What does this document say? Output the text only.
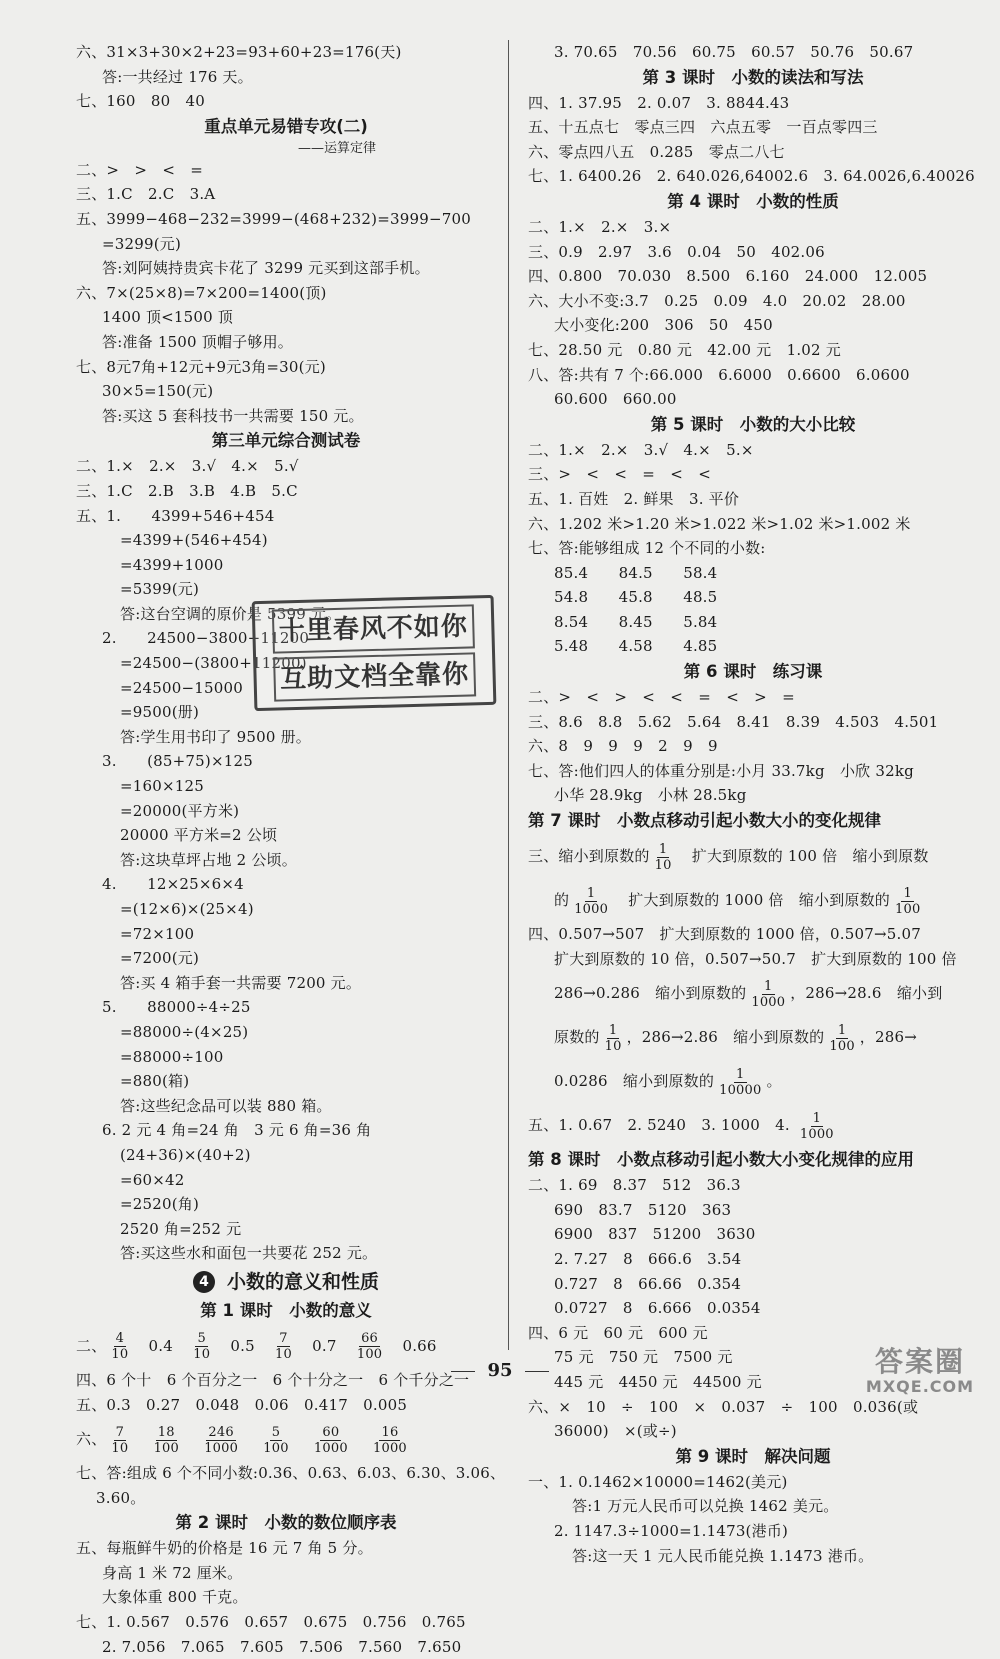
六、31×3+30×2+23=93+60+23=176(天)
答:一共经过 176 天。
七、160　80　40
重点单元易错专攻(二)
——运算定律
二、>　>　<　=
三、1.C　2.C　3.A
五、3999−468−232=3999−(468+232)=3999−700
=3299(元)
答:刘阿姨持贵宾卡花了 3299 元买到这部手机。
六、7×(25×8)=7×200=1400(顶)
1400 顶<1500 顶
答:准备 1500 顶帽子够用。
七、8元7角+12元+9元3角=30(元)
30×5=150(元)
答:买这 5 套科技书一共需要 150 元。
第三单元综合测试卷
二、1.×　2.×　3.√　4.×　5.√
三、1.C　2.B　3.B　4.B　5.C
五、1.　　4399+546+454
=4399+(546+454)
=4399+1000
=5399(元)
答:这台空调的原价是 5399 元。
2.　　24500−3800−11200
=24500−(3800+11200)
=24500−15000
=9500(册)
答:学生用书印了 9500 册。
3.　　(85+75)×125
=160×125
=20000(平方米)
20000 平方米=2 公顷
答:这块草坪占地 2 公顷。
4.　　12×25×6×4
=(12×6)×(25×4)
=72×100
=7200(元)
答:买 4 箱手套一共需要 7200 元。
5.　　88000÷4÷25
=88000÷(4×25)
=88000÷100
=880(箱)
答:这些纪念品可以装 880 箱。
6. 2 元 4 角=24 角　3 元 6 角=36 角
(24+36)×(40+2)
=60×42
=2520(角)
2520 角=252 元
答:买这些水和面包一共要花 252 元。
4 小数的意义和性质
第 1 课时　小数的意义
二、 $\frac{4}{10}$ 　0.4　 $\frac{5}{10}$ 　0.5　 $\frac{7}{10}$ 　0.7　 $\frac{66}{100}$ 　0.66
四、6 个十　6 个百分之一　6 个十分之一　6 个千分之一
五、0.3　0.27　0.048　0.06　0.417　0.005
六、 $\frac{7}{10}$
　 $\frac{18}{100}$
　 $\frac{246}{1000}$
　 $\frac{5}{100}$
　 $\frac{60}{1000}$
　 $\frac{16}{1000}$
七、答:组成 6 个不同小数:0.36、0.63、6.03、6.30、3.06、
3.60。
第 2 课时　小数的数位顺序表
五、每瓶鲜牛奶的价格是 16 元 7 角 5 分。
身高 1 米 72 厘米。
大象体重 800 千克。
七、1. 0.567　0.576　0.657　0.675　0.756　0.765
2. 7.056　7.065　7.605　7.506　7.560　7.650
3. 70.65　70.56　60.75　60.57　50.76　50.67
第 3 课时　小数的读法和写法
四、1. 37.95　2. 0.07　3. 8844.43
五、十五点七　零点三四　六点五零　一百点零四三
六、零点四八五　0.285　零点二八七
七、1. 6400.26　2. 640.026,64002.6　3. 64.0026,6.40026
第 4 课时　小数的性质
二、1.×　2.×　3.×
三、0.9　2.97　3.6　0.04　50　402.06
四、0.800　70.030　8.500　6.160　24.000　12.005
六、大小不变:3.7　0.25　0.09　4.0　20.02　28.00
大小变化:200　306　50　450
七、28.50 元　0.80 元　42.00 元　1.02 元
八、答:共有 7 个:66.000　6.6000　0.6600　6.0600
60.600　660.00
第 5 课时　小数的大小比较
二、1.×　2.×　3.√　4.×　5.×
三、>　<　<　=　<　<
五、1. 百姓　2. 鲜果　3. 平价
六、1.202 米>1.20 米>1.022 米>1.02 米>1.002 米
七、答:能够组成 12 个不同的小数:
85.4　　84.5　　58.4
54.8　　45.8　　48.5
8.54　　8.45　　5.84
5.48　　4.58　　4.85
第 6 课时　练习课
二、>　<　>　<　<　=　<　>　=
三、8.6　8.8　5.62　5.64　8.41　8.39　4.503　4.501
六、8　9　9　9　2　9　9
七、答:他们四人的体重分别是:小月 33.7kg　小欣 32kg
小华 28.9kg　小林 28.5kg
第 7 课时　小数点移动引起小数大小的变化规律
三、缩小到原数的 $\frac{1}{10}$ 　扩大到原数的 100 倍　缩小到原数
的 $\frac{1}{1000}$ 　扩大到原数的 1000 倍　缩小到原数的 $\frac{1}{100}$
四、0.507→507　扩大到原数的 1000 倍，0.507→5.07
扩大到原数的 10 倍，0.507→50.7　扩大到原数的 100 倍
286→0.286　缩小到原数的 $\frac{1}{1000}$ ，286→28.6　缩小到
原数的 $\frac{1}{10}$ ，286→2.86　缩小到原数的 $\frac{1}{100}$ ，286→
0.0286　缩小到原数的 $\frac{1}{10000}$ 。
五、1. 0.67　2. 5240　3. 1000　4. $\frac{1}{1000}$
第 8 课时　小数点移动引起小数大小变化规律的应用
二、1. 69　8.37　512　36.3
690　83.7　5120　363
6900　837　51200　3630
2. 7.27　8　666.6　3.54
0.727　8　66.66　0.354
0.0727　8　6.666　0.0354
四、6 元　60 元　600 元
75 元　750 元　7500 元
445 元　4450 元　44500 元
六、×　10　÷　100　×　0.037　÷　100　0.036(或
36000)　×(或÷)
第 9 课时　解决问题
一、1. 0.1462×10000=1462(美元)
答:1 万元人民币可以兑换 1462 美元。
2. 1147.3÷1000=1.1473(港币)
答:这一天 1 元人民币能兑换 1.1473 港币。
十里春风不如你
互助文档全靠你
95	答案圈
MXQE.COM
